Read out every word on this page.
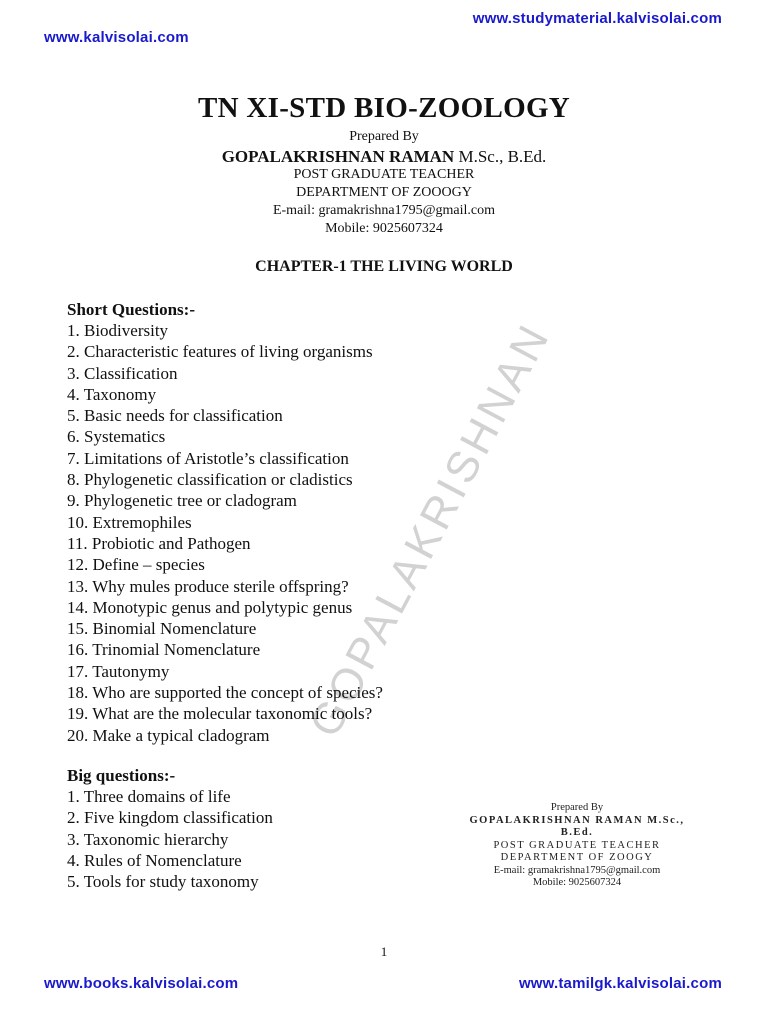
www.studymaterial.kalvisolai.com
www.kalvisolai.com
GOPALAKRISHNAN
TN XI-STD BIO-ZOOLOGY
Prepared By
GOPALAKRISHNAN RAMAN M.Sc., B.Ed.
POST GRADUATE TEACHER
DEPARTMENT OF ZOOOGY
E-mail: gramakrishna1795@gmail.com
Mobile: 9025607324
CHAPTER-1 THE LIVING WORLD
Short Questions:-
1. Biodiversity
2. Characteristic features of living organisms
3. Classification
4. Taxonomy
5. Basic needs for classification
6. Systematics
7. Limitations of Aristotle’s classification
8. Phylogenetic classification or cladistics
9. Phylogenetic tree or cladogram
10. Extremophiles
11. Probiotic and Pathogen
12. Define – species
13. Why mules produce sterile offspring?
14. Monotypic genus and polytypic genus
15. Binomial Nomenclature
16. Trinomial Nomenclature
17. Tautonymy
18. Who are supported the concept of species?
19. What are the molecular taxonomic tools?
20. Make a typical cladogram
Big questions:-
1. Three domains of life
2. Five kingdom classification
3. Taxonomic hierarchy
4. Rules of Nomenclature
5. Tools for study taxonomy
Prepared By
GOPALAKRISHNAN RAMAN M.Sc., B.Ed.
POST GRADUATE TEACHER
DEPARTMENT OF ZOOGY
E-mail: gramakrishna1795@gmail.com
Mobile: 9025607324
1
www.books.kalvisolai.com	www.tamilgk.kalvisolai.com
